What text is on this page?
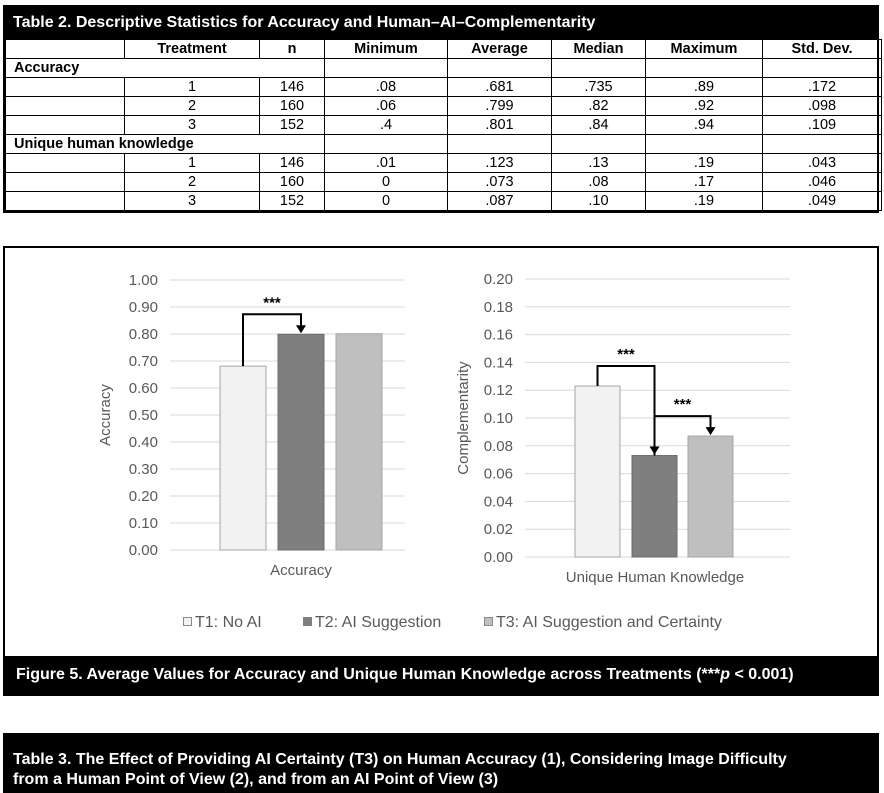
Table 2. Descriptive Statistics for Accuracy and Human–AI–Complementarity
	Treatment	n	Minimum	Average	Median	Maximum	Std. Dev.
Accuracy							
	1	146	.08	.681	.735	.89	.172
	2	160	.06	.799	.82	.92	.098
	3	152	.4	.801	.84	.94	.109
Unique human knowledge							
	1	146	.01	.123	.13	.19	.043
	2	160	0	.073	.08	.17	.046
	3	152	0	.087	.10	.19	.049
0.00
0.10
0.20
0.30
0.40
0.50
0.60
0.70
0.80
0.90
1.00
Accuracy
Accuracy
***
0.00
0.02
0.04
0.06
0.08
0.10
0.12
0.14
0.16
0.18
0.20
Complementarity
Unique Human Knowledge
***
***
T1: No AI	T2: AI Suggestion	T3: AI Suggestion and Certainty
Figure 5. Average Values for Accuracy and Unique Human Knowledge across Treatments (***p < 0.001)
Table 3. The Effect of Providing AI Certainty (T3) on Human Accuracy (1), Considering Image Difficulty
from a Human Point of View (2), and from an AI Point of View (3)
